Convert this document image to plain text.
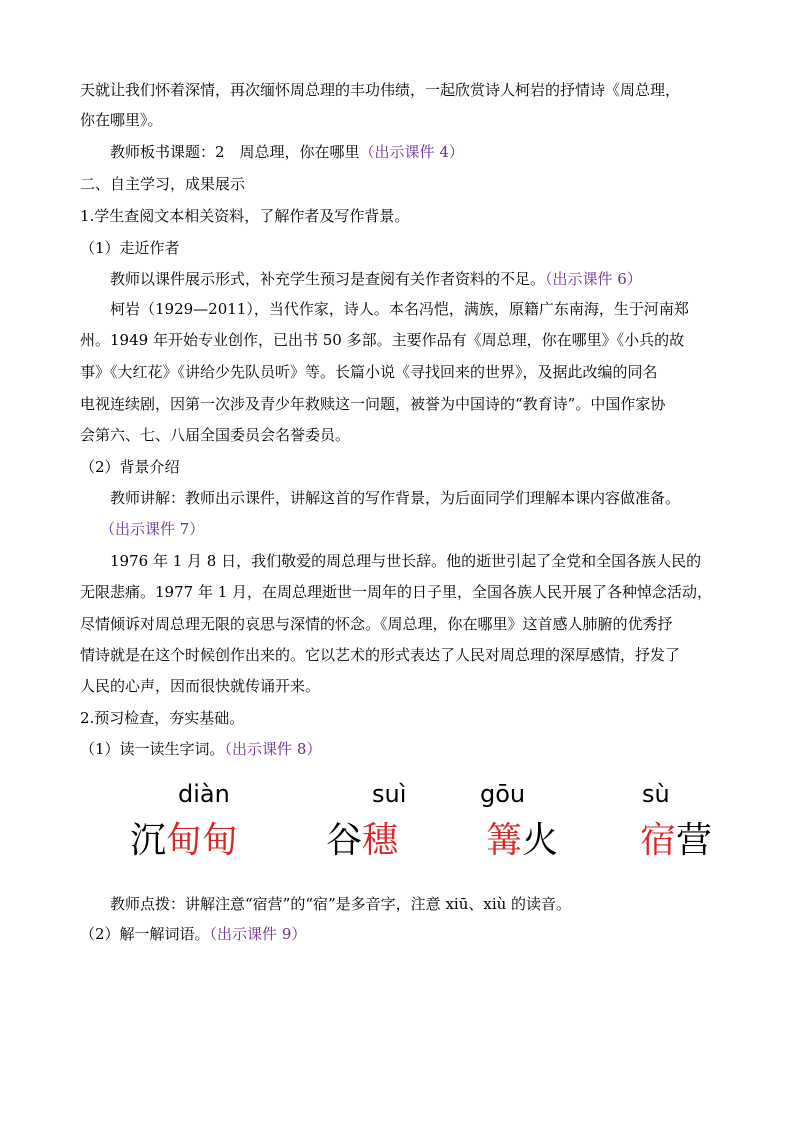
天就让我们怀着深情，再次缅怀周总理的丰功伟绩，一起欣赏诗人柯岩的抒情诗《周总理，
你在哪里》。
教师板书课题：2　周总理，你在哪里（出示课件 4）
二、自主学习，成果展示
1.学生查阅文本相关资料，了解作者及写作背景。
（1）走近作者
教师以课件展示形式，补充学生预习是查阅有关作者资料的不足。（出示课件 6）
柯岩（1929—2011），当代作家，诗人。本名冯恺，满族，原籍广东南海，生于河南郑
州。1949 年开始专业创作，已出书 50 多部。主要作品有《周总理，你在哪里》《小兵的故
事》《大红花》《讲给少先队员听》等。长篇小说《寻找回来的世界》，及据此改编的同名
电视连续剧，因第一次涉及青少年救赎这一问题，被誉为中国诗的“教育诗”。中国作家协
会第六、七、八届全国委员会名誉委员。
（2）背景介绍
教师讲解：教师出示课件，讲解这首的写作背景，为后面同学们理解本课内容做准备。
（出示课件 7）
1976 年 1 月 8 日，我们敬爱的周总理与世长辞。他的逝世引起了全党和全国各族人民的
无限悲痛。1977 年 1 月，在周总理逝世一周年的日子里，全国各族人民开展了各种悼念活动，
尽情倾诉对周总理无限的哀思与深情的怀念。《周总理，你在哪里》这首感人肺腑的优秀抒
情诗就是在这个时候创作出来的。它以艺术的形式表达了人民对周总理的深厚感情，抒发了
人民的心声，因而很快就传诵开来。
2.预习检查，夯实基础。
（1）读一读生字词。（出示课件 8）
diàn
沉甸甸
suì
谷穗
gōu
篝火
sù
宿营
教师点拨：讲解注意“宿营”的“宿”是多音字，注意 xiū、xiù 的读音。
（2）解一解词语。（出示课件 9）
